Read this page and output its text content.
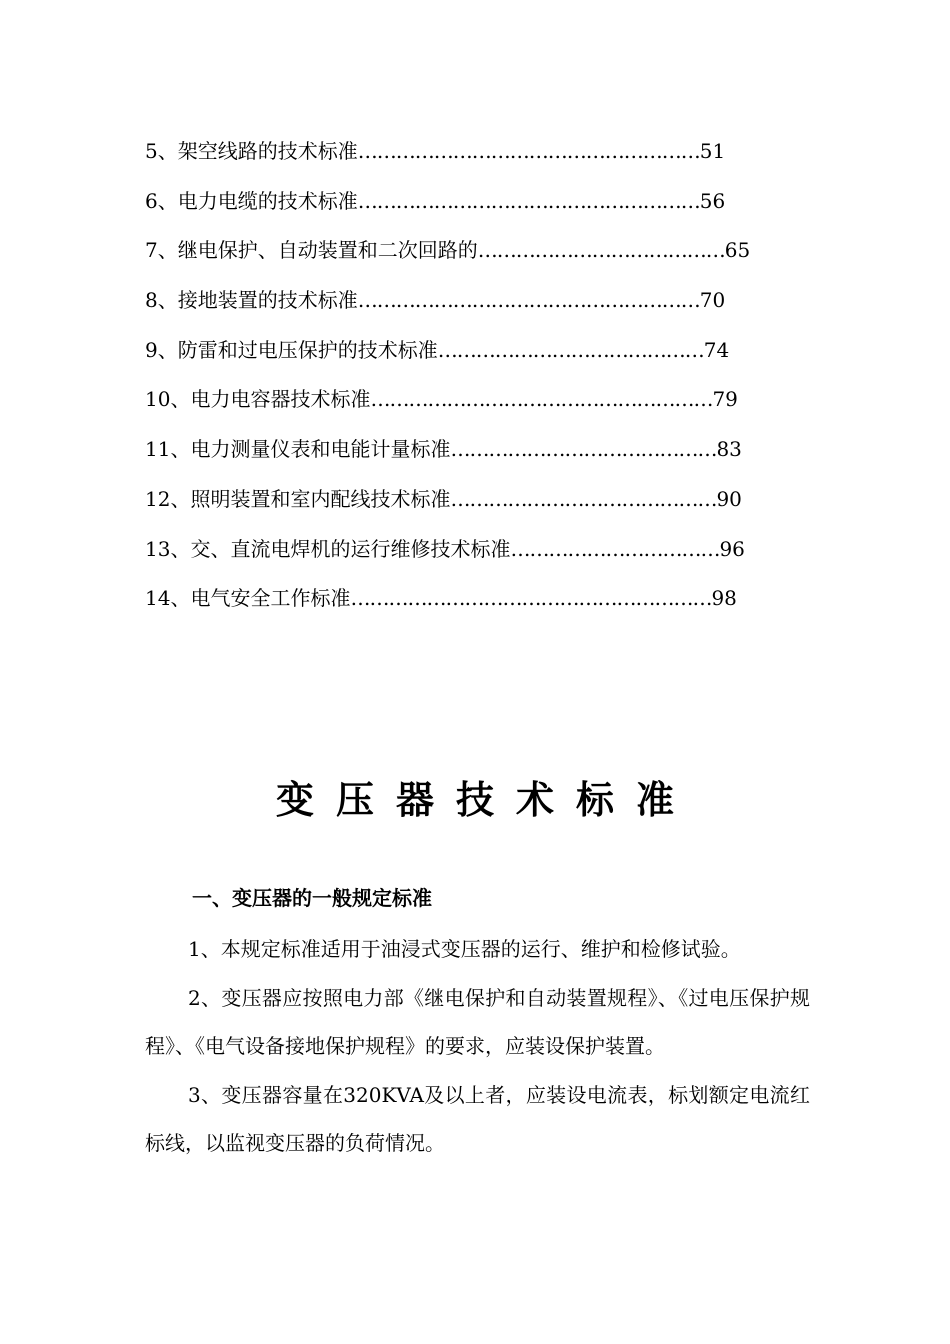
5、架空线路的技术标准………………………………………………51
6、电力电缆的技术标准………………………………………………56
7、继电保护、自动装置和二次回路的…………………………………65
8、接地装置的技术标准………………………………………………70
9、防雷和过电压保护的技术标准……………………………………74
10、电力电容器技术标准………………………………………………79
11、电力测量仪表和电能计量标准……………………………………83
12、照明装置和室内配线技术标准……………………………………90
13、交、直流电焊机的运行维修技术标准……………………………96
14、电气安全工作标准…………………………………………………98
变压器技术标准
一、变压器的一般规定标准

1、本规定标准适用于油浸式变压器的运行、维护和检修试验。

2、变压器应按照电力部《继电保护和自动装置规程》、《过电压保护规程》、《电气设备接地保护规程》的要求，应装设保护装置。

3、变压器容量在320KVA及以上者，应装设电流表，标划额定电流红标线，以监视变压器的负荷情况。
